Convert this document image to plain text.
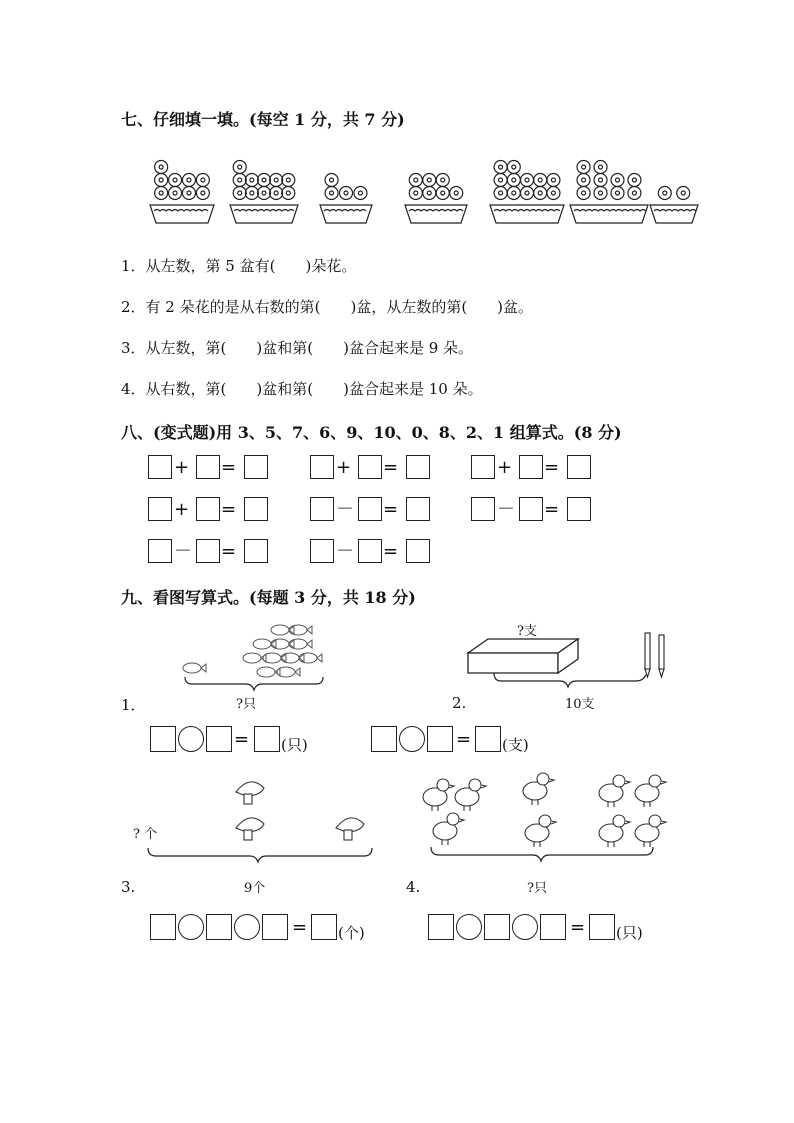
七、仔细填一填。(每空 1 分，共 7 分)
1．从左数，第 5 盆有(　　)朵花。
2．有 2 朵花的是从右数的第(　　)盆，从左数的第(　　)盆。
3．从左数，第(　　)盆和第(　　)盆合起来是 9 朵。
4．从右数，第(　　)盆和第(　　)盆合起来是 10 朵。
八、(变式题)用 3、5、7、6、9、10、0、8、2、1 组算式。(8 分)
+ =	+ =	+ =
+ =	－ =	－ =
－ =	－ =
九、看图写算式。(每题 3 分，共 18 分)
?只
1．
= (只)
?支
10支
2.
= (支)
? 个
9个
3.
= (个)
?只
4.
= (只)
